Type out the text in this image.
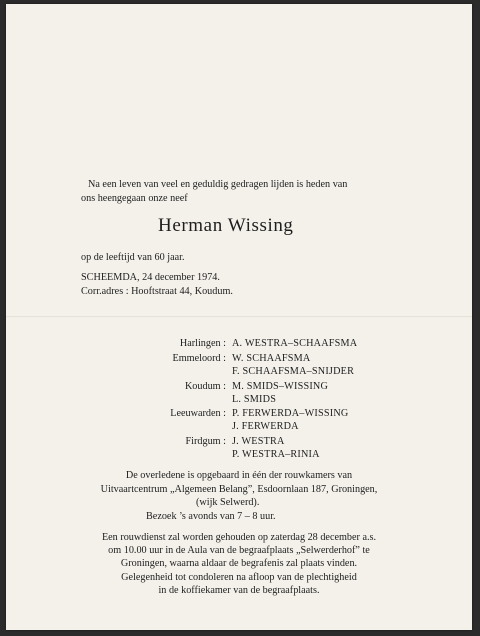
Na een leven van veel en geduldig gedragen lijden is heden van
ons heengegaan onze neef
Herman Wissing
op de leeftijd van 60 jaar.
SCHEEMDA, 24 december 1974.
Corr.adres : Hooftstraat 44, Koudum.
Harlingen : A. WESTRA–SCHAAFSMA
Emmeloord : W. SCHAAFSMA
F. SCHAAFSMA–SNIJDER
Koudum : M. SMIDS–WISSING
L. SMIDS
Leeuwarden : P. FERWERDA–WISSING
J. FERWERDA
Firdgum : J. WESTRA
P. WESTRA–RINIA
De overledene is opgebaard in één der rouwkamers van
Uitvaartcentrum „Algemeen Belang”, Esdoornlaan 187, Groningen,
(wijk Selwerd).
Bezoek ’s avonds van 7 – 8 uur.
Een rouwdienst zal worden gehouden op zaterdag 28 december a.s.
om 10.00 uur in de Aula van de begraafplaats „Selwerderhof” te
Groningen, waarna aldaar de begrafenis zal plaats vinden.
Gelegenheid tot condoleren na afloop van de plechtigheid
in de koffiekamer van de begraafplaats.
